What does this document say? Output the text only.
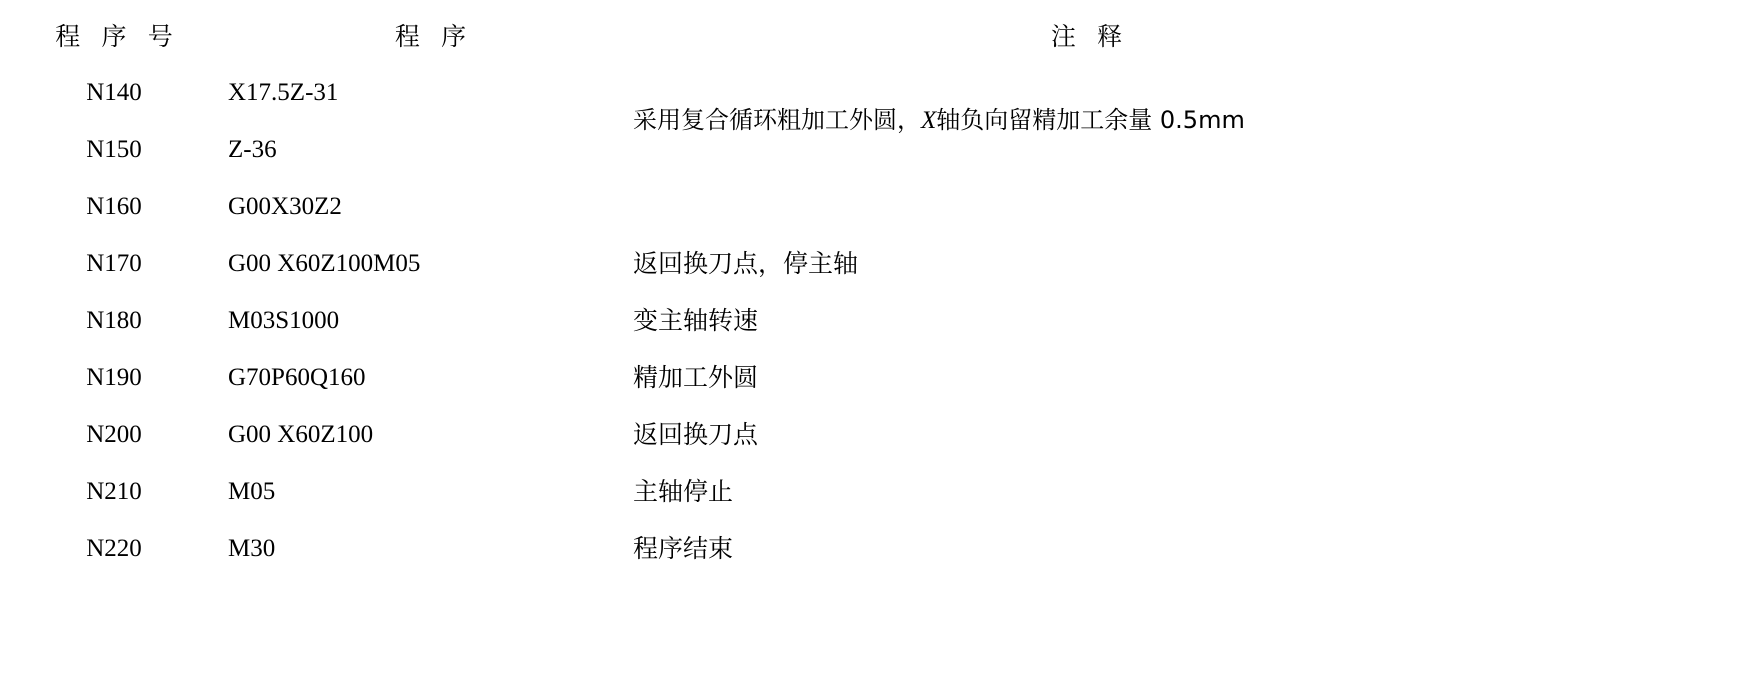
程 序 号	程 序	注 释
N140	X17.5Z-31	采用复合循环粗加工外圆，X轴负向留精加工余量 0.5mm
N150	Z-36	
N160	G00X30Z2	
N170	G00 X60Z100M05	返回换刀点，停主轴
N180	M03S1000	变主轴转速
N190	G70P60Q160	精加工外圆
N200	G00 X60Z100	返回换刀点
N210	M05	主轴停止
N220	M30	程序结束
